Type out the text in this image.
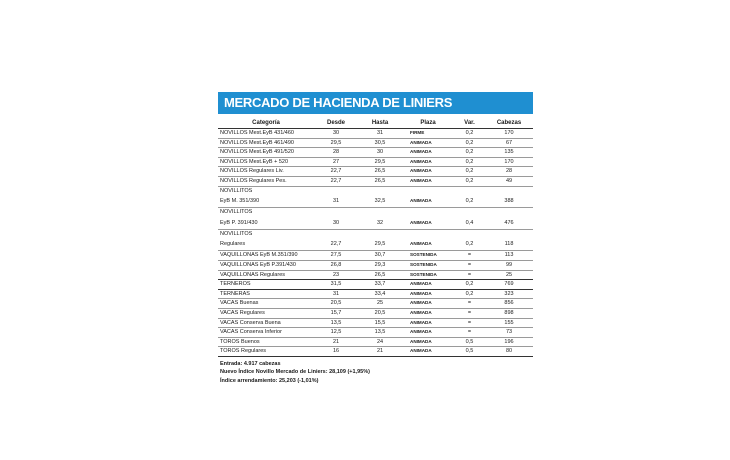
MERCADO DE HACIENDA DE LINIERS
Categoría	Desde	Hasta	Plaza	Var.	Cabezas
NOVILLOS Mest.EyB 431/460	30	31	FIRME	0,2	170
NOVILLOS Mest.EyB 461/490	29,5	30,5	ANIMADA	0,2	67
NOVILLOS Mest.EyB 491/520	28	30	ANIMADA	0,2	135
NOVILLOS Mest.EyB + 520	27	29,5	ANIMADA	0,2	170
NOVILLOS Regulares Liv.	22,7	26,5	ANIMADA	0,2	28
NOVILLOS Regulares Pes.	22,7	26,5	ANIMADA	0,2	49
NOVILLITOS					
EyB M. 351/390	31	32,5	ANIMADA	0,2	388
NOVILLITOS					
EyB P. 391/430	30	32	ANIMADA	0,4	476
NOVILLITOS					
Regulares	22,7	29,5	ANIMADA	0,2	118
VAQUILLONAS EyB M.351/390	27,5	30,7	SOSTENIDA	=	113
VAQUILLONAS EyB P.391/430	26,8	29,3	SOSTENIDA	=	99
VAQUILLONAS Regulares	23	26,5	SOSTENIDA	=	25
TERNEROS	31,5	33,7	ANIMADA	0,2	769
TERNERAS	31	33,4	ANIMADA	0,2	323
VACAS Buenas	20,5	25	ANIMADA	=	856
VACAS Regulares	15,7	20,5	ANIMADA	=	898
VACAS Conserva Buena	13,5	15,5	ANIMADA	=	155
VACAS Conserva Inferior	12,5	13,5	ANIMADA	=	73
TOROS Buenos	21	24	ANIMADA	0,5	196
TOROS Regulares	16	21	ANIMADA	0,5	80
Entrada: 4.917 cabezas
Nuevo Índice Novillo Mercado de Liniers: 28,109 (+1,95%)
Índice arrendamiento: 25,203 (-1,01%)
